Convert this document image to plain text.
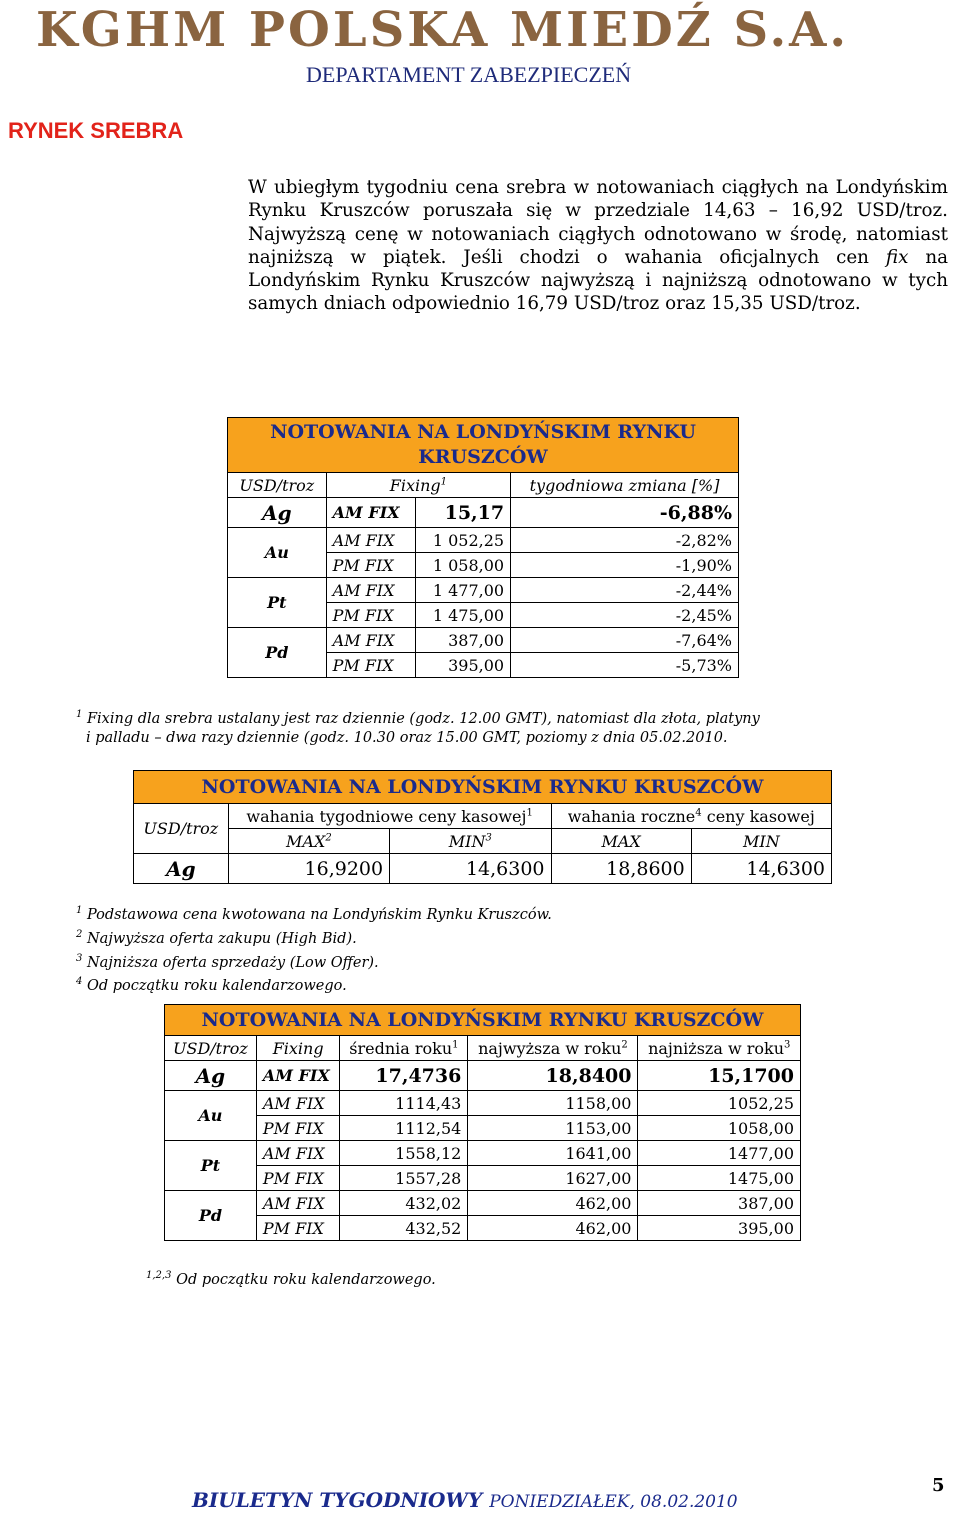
KGHM POLSKA MIEDŹ S.A.
DEPARTAMENT ZABEZPIECZEŃ
RYNEK SREBRA
W ubiegłym tygodniu cena srebra w notowaniach ciągłych na Londyńskim Rynku Kruszców poruszała się w przedziale 14,63 – 16,92 USD/troz. Najwyższą cenę w notowaniach ciągłych odnotowano w środę, natomiast najniższą w piątek. Jeśli chodzi o wahania oficjalnych cen fix na Londyńskim Rynku Kruszców najwyższą i najniższą odnotowano w tych samych dniach odpowiednio 16,79 USD/troz oraz 15,35 USD/troz.
NOTOWANIA NA LONDYŃSKIM RYNKU KRUSZCÓW			
USD/troz	Fixing$^1$		tygodniowa zmiana [%]
Ag	AM FIX	15,17	-6,88%
Au	AM FIX	1 052,25	-2,82%
	PM FIX	1 058,00	-1,90%
Pt	AM FIX	1 477,00	-2,44%
	PM FIX	1 475,00	-2,45%
Pd	AM FIX	387,00	-7,64%
	PM FIX	395,00	-5,73%
$^1$ Fixing dla srebra ustalany jest raz dziennie (godz. 12.00 GMT), natomiast dla złota, platyny
i palladu – dwa razy dziennie (godz. 10.30 oraz 15.00 GMT, poziomy z dnia 05.02.2010.
NOTOWANIA NA LONDYŃSKIM RYNKU KRUSZCÓW				
USD/troz	wahania tygodniowe ceny kasowej$^1$		wahania roczne$^4$ ceny kasowej	
	MAX$^2$	MIN$^3$	MAX	MIN
Ag	16,9200	14,6300	18,8600	14,6300
$^1$ Podstawowa cena kwotowana na Londyńskim Rynku Kruszców.
$^2$ Najwyższa oferta zakupu (High Bid).
$^3$ Najniższa oferta sprzedaży (Low Offer).
$^4$ Od początku roku kalendarzowego.
NOTOWANIA NA LONDYŃSKIM RYNKU KRUSZCÓW				
USD/troz	Fixing	średnia roku$^1$	najwyższa w roku$^2$	najniższa w roku$^3$
Ag	AM FIX	17,4736	18,8400	15,1700
Au	AM FIX	1114,43	1158,00	1052,25
	PM FIX	1112,54	1153,00	1058,00
Pt	AM FIX	1558,12	1641,00	1477,00
	PM FIX	1557,28	1627,00	1475,00
Pd	AM FIX	432,02	462,00	387,00
	PM FIX	432,52	462,00	395,00
$^{1,2,3}$ Od początku roku kalendarzowego.
BIULETYN TYGODNIOWY PONIEDZIAŁEK, 08.02.2010
5
